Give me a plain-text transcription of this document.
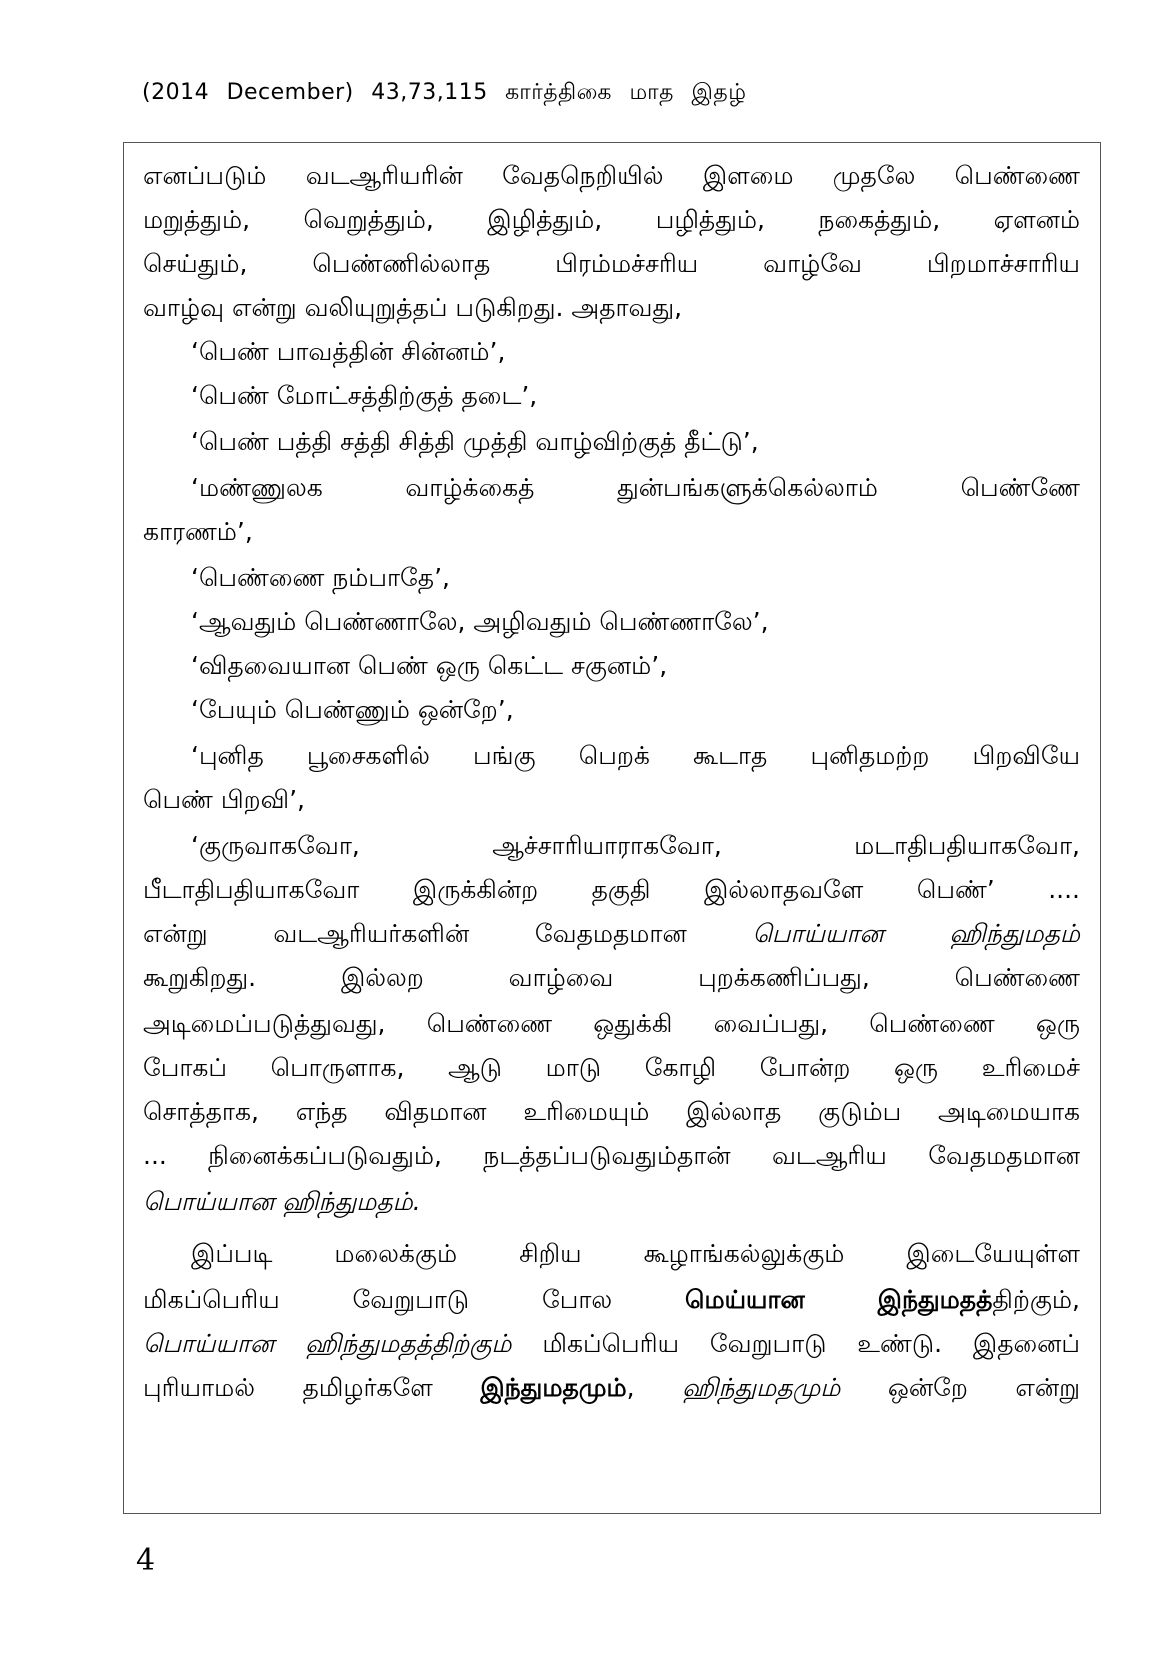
(2014 December) 43,73,115 கார்த்திகை மாத இதழ்
எனப்படும் வடஆரியரின் வேதநெறியில் இளமை முதலே பெண்ணை
மறுத்தும், வெறுத்தும், இழித்தும், பழித்தும், நகைத்தும், ஏளனம்
செய்தும், பெண்ணில்லாத பிரம்மச்சரிய வாழ்வே பிறமாச்சாரிய
வாழ்வு என்று வலியுறுத்தப் படுகிறது. அதாவது,
‘பெண் பாவத்தின் சின்னம்’,
‘பெண் மோட்சத்திற்குத் தடை’,
‘பெண் பத்தி சத்தி சித்தி முத்தி வாழ்விற்குத் தீட்டு’,
‘மண்ணுலக வாழ்க்கைத் துன்பங்களுக்கெல்லாம் பெண்ணே
காரணம்’,
‘பெண்ணை நம்பாதே’,
‘ஆவதும் பெண்ணாலே, அழிவதும் பெண்ணாலே’,
‘விதவையான பெண் ஒரு கெட்ட சகுனம்’,
‘பேயும் பெண்ணும் ஒன்றே’,
‘புனித பூசைகளில் பங்கு பெறக் கூடாத புனிதமற்ற பிறவியே
பெண் பிறவி’,
‘குருவாகவோ, ஆச்சாரியாராகவோ, மடாதிபதியாகவோ,
பீடாதிபதியாகவோ இருக்கின்ற தகுதி இல்லாதவளே பெண்’ ....
என்று வடஆரியர்களின் வேதமதமான	பொய்யான ஹிந்துமதம்
கூறுகிறது. இல்லற வாழ்வை புறக்கணிப்பது, பெண்ணை
அடிமைப்படுத்துவது, பெண்ணை ஒதுக்கி வைப்பது, பெண்ணை ஒரு
போகப் பொருளாக, ஆடு மாடு கோழி போன்ற ஒரு உரிமைச்
சொத்தாக, எந்த விதமான உரிமையும் இல்லாத குடும்ப அடிமையாக
... நினைக்கப்படுவதும், நடத்தப்படுவதும்தான் வடஆரிய வேதமதமான
பொய்யான ஹிந்துமதம்.
இப்படி மலைக்கும் சிறிய கூழாங்கல்லுக்கும் இடையேயுள்ள
மிகப்பெரிய வேறுபாடு போல	மெய்யான	இந்துமதத்திற்கும்,
பொய்யான ஹிந்துமதத்திற்கும் மிகப்பெரிய வேறுபாடு உண்டு. இதனைப்
புரியாமல் தமிழர்களே இந்துமதமும், ஹிந்துமதமும் ஒன்றே என்று
4
